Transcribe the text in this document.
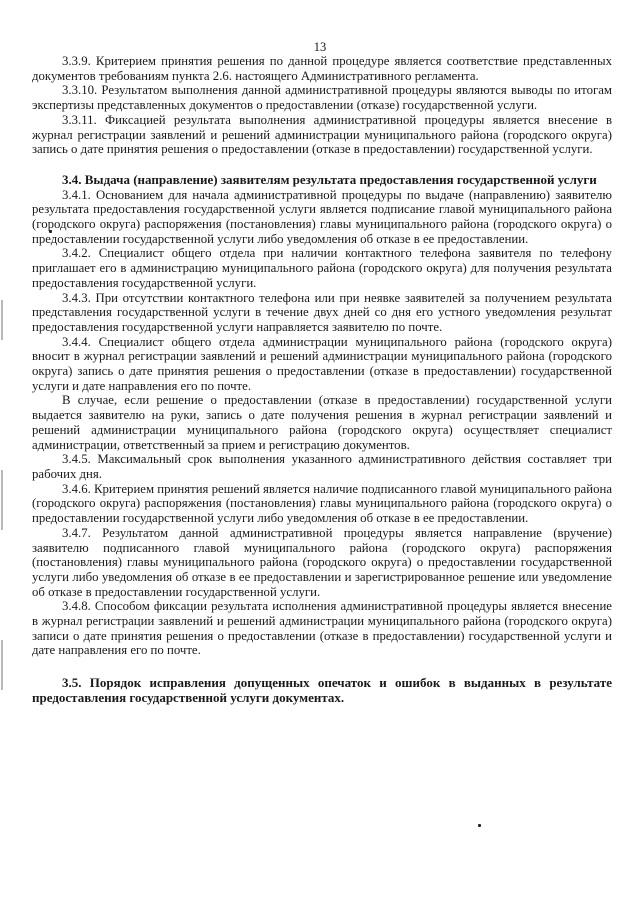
13

3.3.9. Критерием принятия решения по данной процедуре является соответствие представленных документов требованиям пункта 2.6. настоящего Административного регламента.

3.3.10. Результатом выполнения данной административной процедуры являются выводы по итогам экспертизы представленных документов о предоставлении (отказе) государственной услуги.

3.3.11. Фиксацией результата выполнения административной процедуры является внесение в журнал регистрации заявлений и решений администрации муниципального района (городского округа) запись о дате принятия решения о предоставлении (отказе в предоставлении) государственной услуги.

3.4. Выдача (направление) заявителям результата предоставления государственной услуги

3.4.1. Основанием для начала административной процедуры по выдаче (направлению) заявителю результата предоставления государственной услуги является подписание главой муниципального района (городского округа) распоряжения (постановления) главы муниципального района (городского округа) о предоставлении государственной услуги либо уведомления об отказе в ее предоставлении.

3.4.2. Специалист общего отдела при наличии контактного телефона заявителя по телефону приглашает его в администрацию муниципального района (городского округа) для получения результата предоставления государственной услуги.

3.4.3. При отсутствии контактного телефона или при неявке заявителей за получением результата представления государственной услуги в течение двух дней со дня его устного уведомления результат предоставления государственной услуги направляется заявителю по почте.

3.4.4. Специалист общего отдела администрации муниципального района (городского округа) вносит в журнал регистрации заявлений и решений администрации муниципального района (городского округа) запись о дате принятия решения о предоставлении (отказе в предоставлении) государственной услуги и дате направления его по почте.

В случае, если решение о предоставлении (отказе в предоставлении) государственной услуги выдается заявителю на руки, запись о дате получения решения в журнал регистрации заявлений и решений администрации муниципального района (городского округа) осуществляет специалист администрации, ответственный за прием и регистрацию документов.

3.4.5. Максимальный срок выполнения указанного административного действия составляет три рабочих дня.

3.4.6. Критерием принятия решений является наличие подписанного главой муниципального района (городского округа) распоряжения (постановления) главы муниципального района (городского округа) о предоставлении государственной услуги либо уведомления об отказе в ее предоставлении.

3.4.7. Результатом данной административной процедуры является направление (вручение) заявителю подписанного главой муниципального района (городского округа) распоряжения (постановления) главы муниципального района (городского округа) о предоставлении государственной услуги либо уведомления об отказе в ее предоставлении и зарегистрированное решение или уведомление об отказе в предоставлении государственной услуги.

3.4.8. Способом фиксации результата исполнения административной процедуры является внесение в журнал регистрации заявлений и решений администрации муниципального района (городского округа) записи о дате принятия решения о предоставлении (отказе в предоставлении) государственной услуги и дате направления его по почте.

3.5. Порядок исправления допущенных опечаток и ошибок в выданных в результате предоставления государственной услуги документах.
